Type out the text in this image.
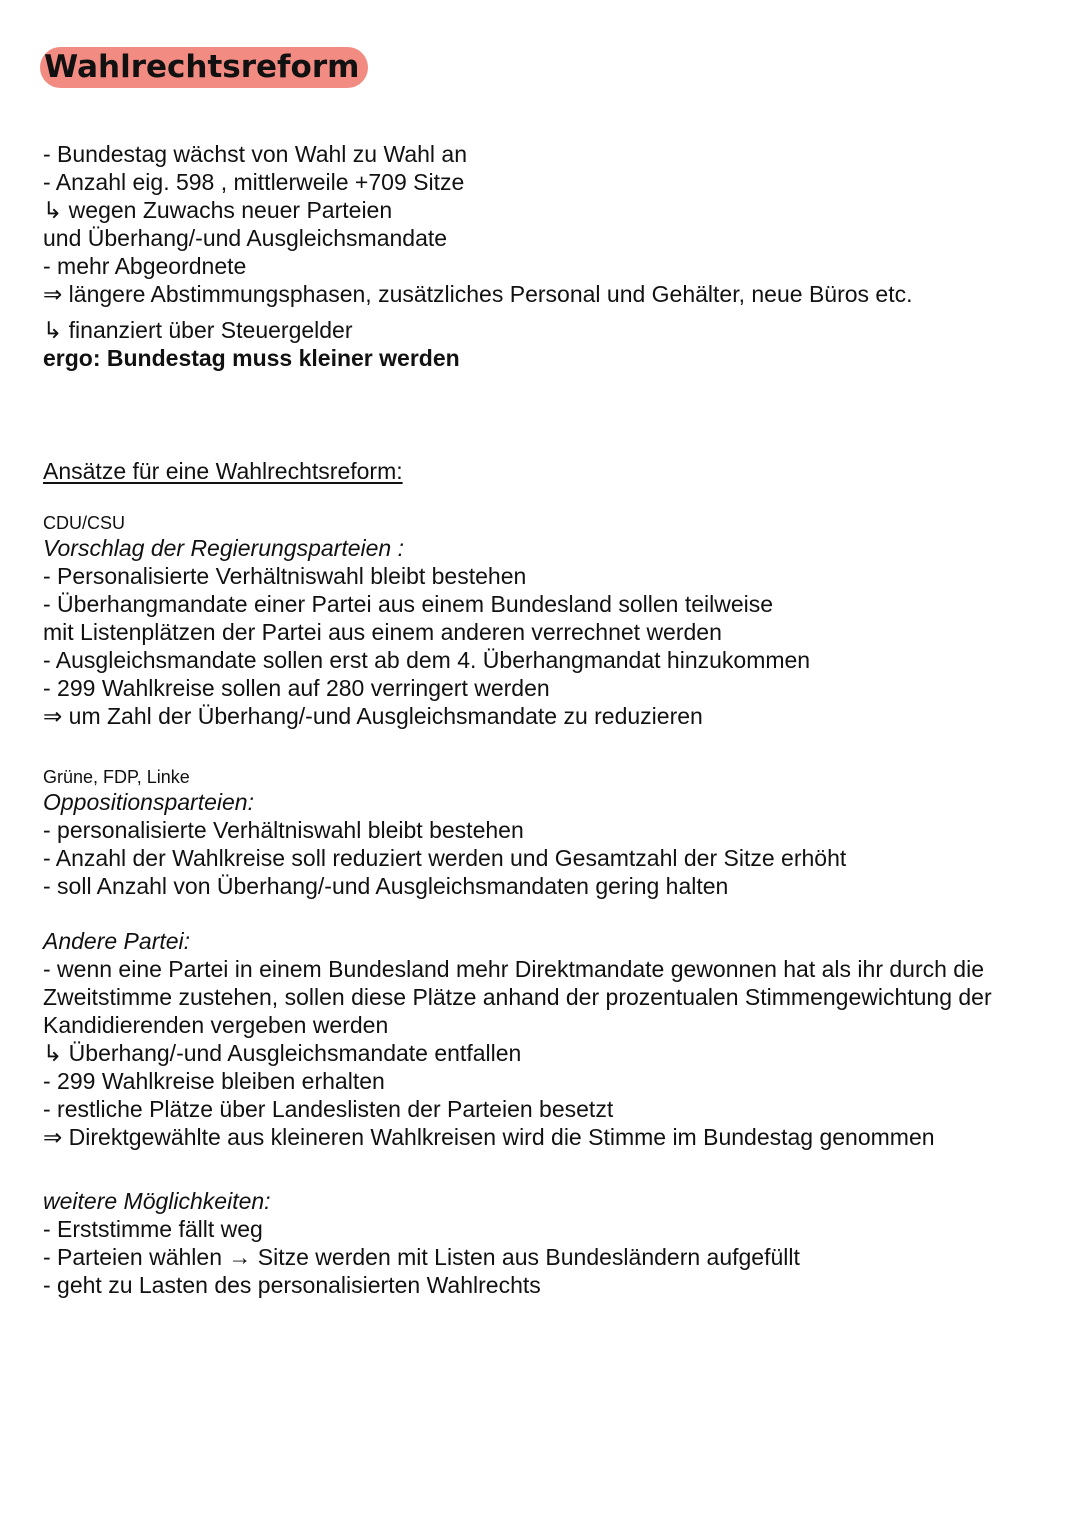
Wahlrechtsreform
- Bundestag wächst von Wahl zu Wahl an
- Anzahl eig. 598 , mittlerweile +709 Sitze
↳ wegen Zuwachs neuer Parteien
und Überhang/-und Ausgleichsmandate
- mehr Abgeordnete
⇒ längere Abstimmungsphasen, zusätzliches Personal und Gehälter, neue Büros etc.
↳ finanziert über Steuergelder
ergo: Bundestag muss kleiner werden
Ansätze für eine Wahlrechtsreform:
CDU/CSU
Vorschlag der Regierungsparteien :
- Personalisierte Verhältniswahl bleibt bestehen
- Überhangmandate einer Partei aus einem Bundesland sollen teilweise
mit Listenplätzen der Partei aus einem anderen verrechnet werden
- Ausgleichsmandate sollen erst ab dem 4. Überhangmandat hinzukommen
- 299 Wahlkreise sollen auf 280 verringert werden
⇒ um Zahl der Überhang/-und Ausgleichsmandate zu reduzieren
Grüne, FDP, Linke
Oppositionsparteien:
- personalisierte Verhältniswahl bleibt bestehen
- Anzahl der Wahlkreise soll reduziert werden und Gesamtzahl der Sitze erhöht
- soll Anzahl von Überhang/-und Ausgleichsmandaten gering halten
Andere Partei:
- wenn eine Partei in einem Bundesland mehr Direktmandate gewonnen hat als ihr durch die Zweitstimme zustehen, sollen diese Plätze anhand der prozentualen Stimmengewichtung der Kandidierenden vergeben werden
↳ Überhang/-und Ausgleichsmandate entfallen
- 299 Wahlkreise bleiben erhalten
- restliche Plätze über Landeslisten der Parteien besetzt
⇒ Direktgewählte aus kleineren Wahlkreisen wird die Stimme im Bundestag genommen
weitere Möglichkeiten:
- Erststimme fällt weg
- Parteien wählen → Sitze werden mit Listen aus Bundesländern aufgefüllt
- geht zu Lasten des personalisierten Wahlrechts
